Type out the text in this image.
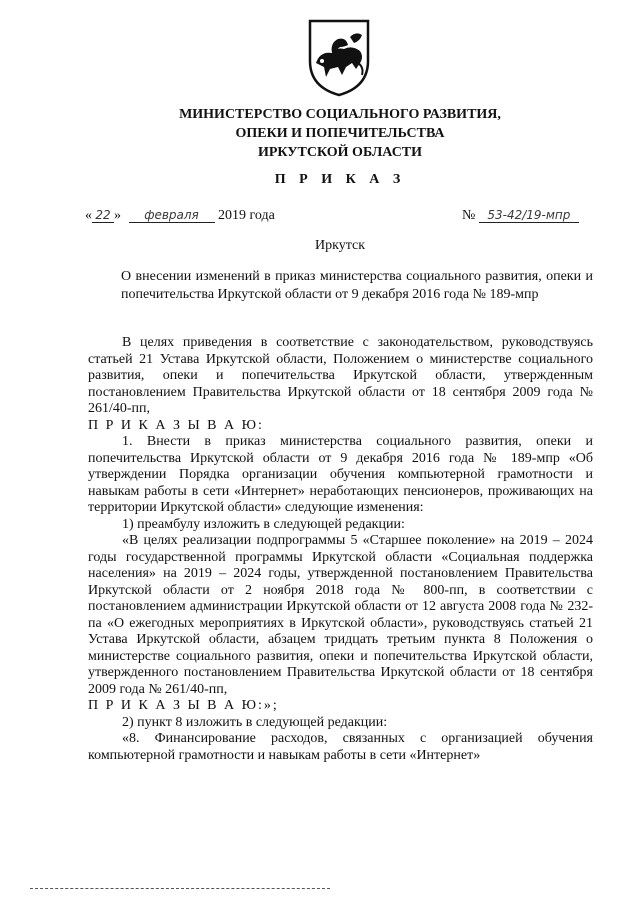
МИНИСТЕРСТВО СОЦИАЛЬНОГО РАЗВИТИЯ,
ОПЕКИ И ПОПЕЧИТЕЛЬСТВА
ИРКУТСКОЙ ОБЛАСТИ
П Р И К А З
« 22 » февраля 2019 года	№ 53-42/19-мпр
Иркутск
О внесении изменений в приказ министерства социального развития, опеки и попечительства Иркутской области от 9 декабря 2016 года № 189-мпр

В целях приведения в соответствие с законодательством, руководствуясь статьей 21 Устава Иркутской области, Положением о министерстве социального развития, опеки и попечительства Иркутской области, утвержденным постановлением Правительства Иркутской области от 18 сентября 2009 года № 261/40-пп,

П Р И К А З Ы В А Ю:

1. Внести в приказ министерства социального развития, опеки и попечительства Иркутской области от 9 декабря 2016 года № 189-мпр «Об утверждении Порядка организации обучения компьютерной грамотности и навыкам работы в сети «Интернет» неработающих пенсионеров, проживающих на территории Иркутской области» следующие изменения:

1) преамбулу изложить в следующей редакции:

«В целях реализации подпрограммы 5 «Старшее поколение» на 2019 – 2024 годы государственной программы Иркутской области «Социальная поддержка населения» на 2019 – 2024 годы, утвержденной постановлением Правительства Иркутской области от 2 ноября 2018 года № 800-пп, в соответствии с постановлением администрации Иркутской области от 12 августа 2008 года № 232-па «О ежегодных мероприятиях в Иркутской области», руководствуясь статьей 21 Устава Иркутской области, абзацем тридцать третьим пункта 8 Положения о министерстве социального развития, опеки и попечительства Иркутской области, утвержденного постановлением Правительства Иркутской области от 18 сентября 2009 года № 261/40-пп,

П Р И К А З Ы В А Ю:»;

2) пункт 8 изложить в следующей редакции:

«8. Финансирование расходов, связанных с организацией обучения компьютерной грамотности и навыкам работы в сети «Интернет»
